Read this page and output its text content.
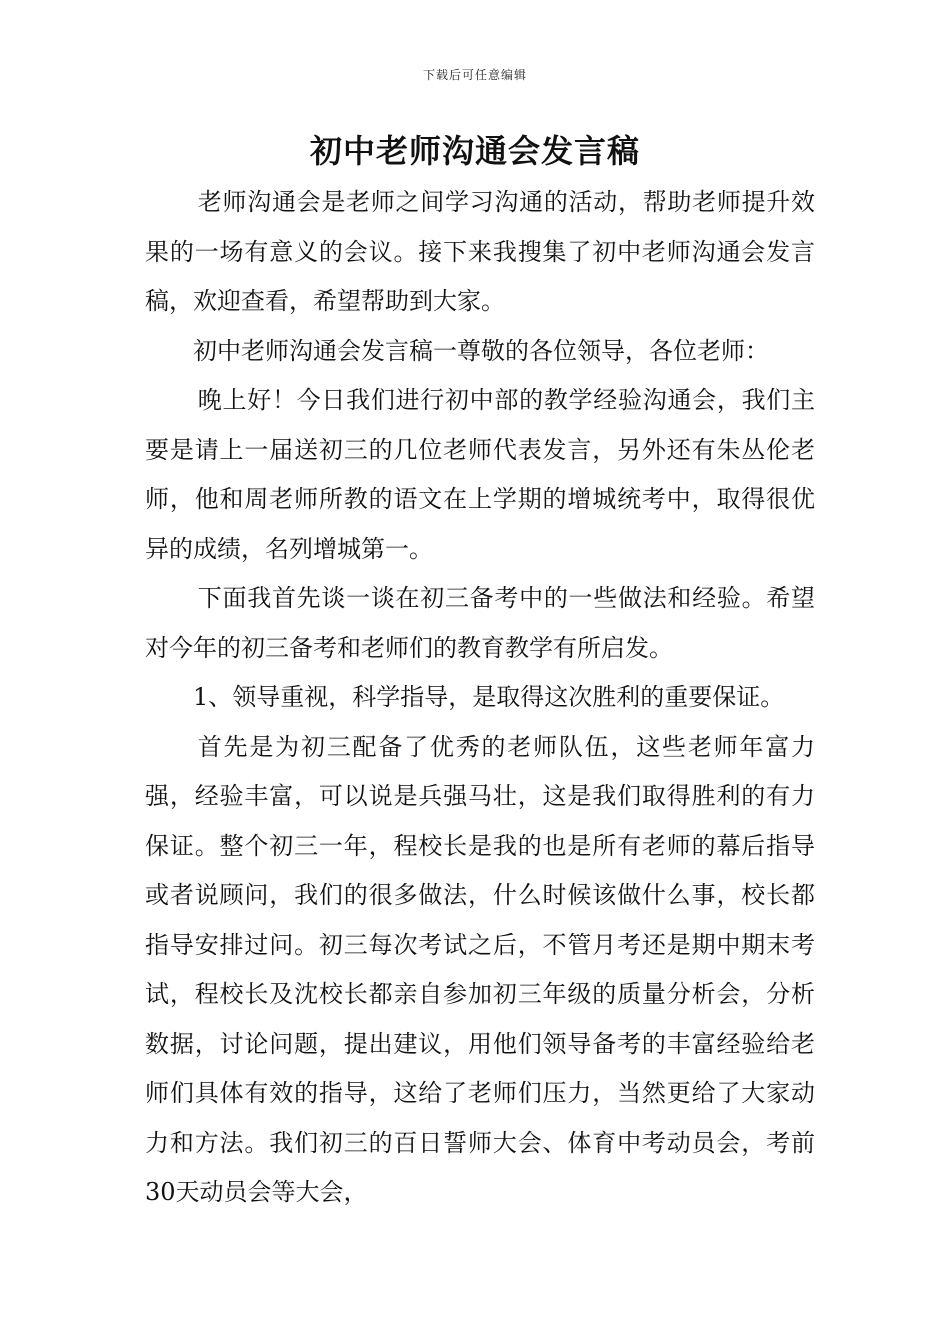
下载后可任意编辑
初中老师沟通会发言稿

老师沟通会是老师之间学习沟通的活动，帮助老师提升效果的一场有意义的会议。接下来我搜集了初中老师沟通会发言稿，欢迎查看，希望帮助到大家。

初中老师沟通会发言稿一尊敬的各位领导，各位老师：

晚上好！今日我们进行初中部的教学经验沟通会，我们主要是请上一届送初三的几位老师代表发言，另外还有朱丛伦老师，他和周老师所教的语文在上学期的增城统考中，取得很优异的成绩，名列增城第一。

下面我首先谈一谈在初三备考中的一些做法和经验。希望对今年的初三备考和老师们的教育教学有所启发。

1、领导重视，科学指导，是取得这次胜利的重要保证。

首先是为初三配备了优秀的老师队伍，这些老师年富力强，经验丰富，可以说是兵强马壮，这是我们取得胜利的有力保证。整个初三一年，程校长是我的也是所有老师的幕后指导或者说顾问，我们的很多做法，什么时候该做什么事，校长都指导安排过问。初三每次考试之后，不管月考还是期中期末考试，程校长及沈校长都亲自参加初三年级的质量分析会，分析数据，讨论问题，提出建议，用他们领导备考的丰富经验给老师们具体有效的指导，这给了老师们压力，当然更给了大家动力和方法。我们初三的百日誓师大会、体育中考动员会，考前30天动员会等大会，
